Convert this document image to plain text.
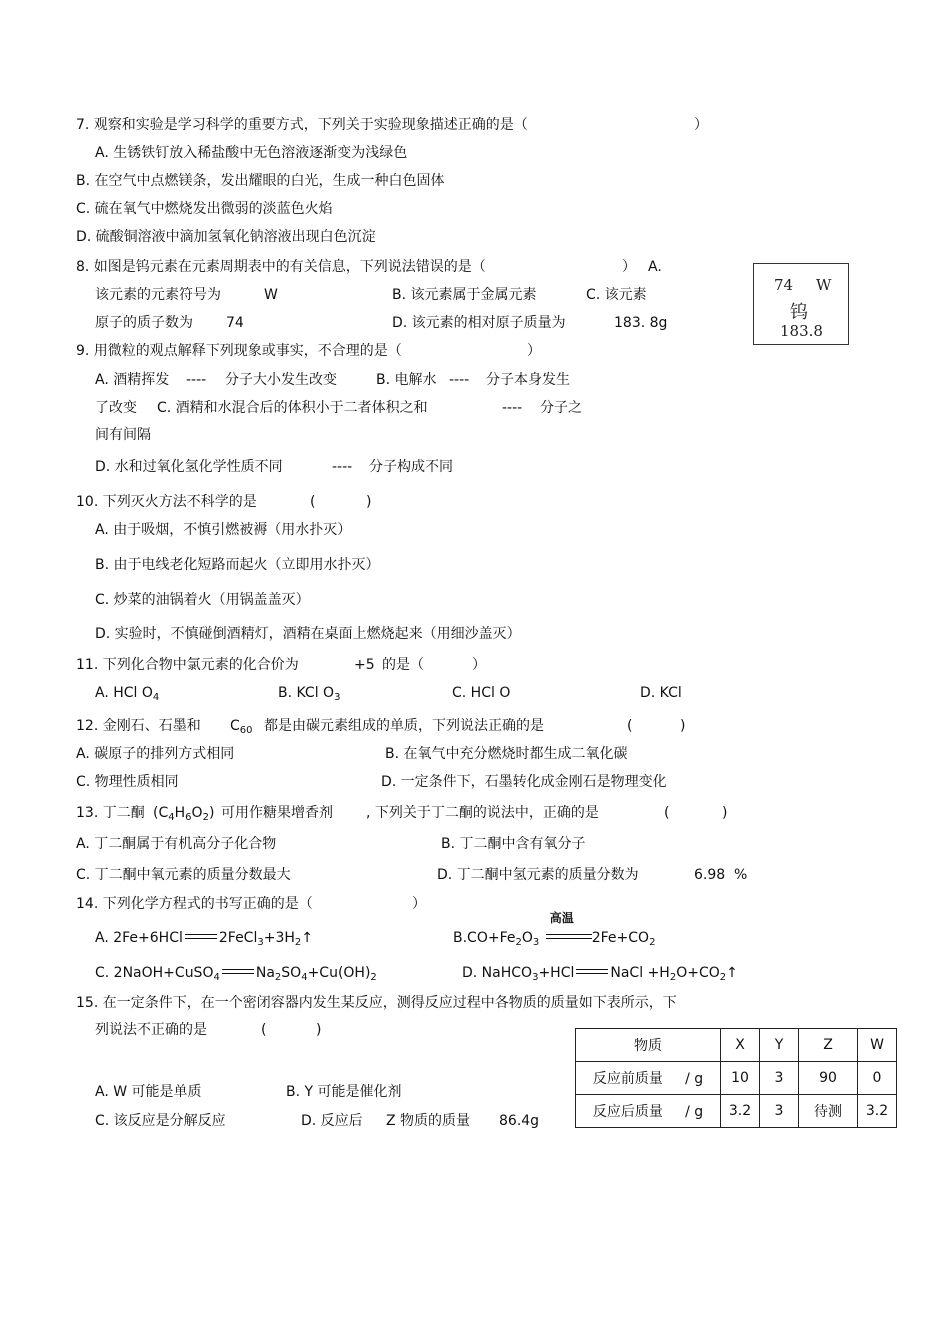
7. 观察和实验是学习科学的重要方式，下列关于实验现象描述正确的是（	）
A. 生锈铁钉放入稀盐酸中无色溶液逐渐变为浅绿色
B. 在空气中点燃镁条，发出耀眼的白光，生成一种白色固体
C. 硫在氧气中燃烧发出微弱的淡蓝色火焰
D. 硫酸铜溶液中滴加氢氧化钠溶液出现白色沉淀
8. 如图是钨元素在元素周期表中的有关信息，下列说法错误的是（	） A.
该元素的元素符号为	W	B. 该元素属于金属元素	C. 该元素
原子的质子数为 74	D. 该元素的相对原子质量为	183. 8g
74 W
钨
183.8
9. 用微粒的观点解释下列现象或事实，不合理的是（	）
A. 酒精挥发 ---- 分子大小发生改变	B. 电解水 ---- 分子本身发生
了改变 C. 酒精和水混合后的体积小于二者体积之和	---- 分子之
间有间隔
D. 水和过氧化氢化学性质不同	---- 分子构成不同
10. 下列灭火方法不科学的是	(	)
A. 由于吸烟，不慎引燃被褥（用水扑灭）
B. 由于电线老化短路而起火（立即用水扑灭）
C. 炒菜的油锅着火（用锅盖盖灭）
D. 实验时，不慎碰倒酒精灯，酒精在桌面上燃烧起来（用细沙盖灭）
11. 下列化合物中氯元素的化合价为	+5 的是（	）
A. HCl $O_4$	B. KCl $O_3$	C. HCl O	D. KCl
12. 金刚石、石墨和 $C_{60}$ 都是由碳元素组成的单质，下列说法正确的是	(	)
A. 碳原子的排列方式相同	B. 在氧气中充分燃烧时都生成二氧化碳
C. 物理性质相同	D. 一定条件下，石墨转化成金刚石是物理变化
13. 丁二酮 $(C_4H_6O_2)$ 可用作糖果增香剂 , 下列关于丁二酮的说法中，正确的是	(	)
A. 丁二酮属于有机高分子化合物	B. 丁二酮中含有氧分子
C. 丁二酮中氧元素的质量分数最大	D. 丁二酮中氢元素的质量分数为	6.98 %
14. 下列化学方程式的书写正确的是（	）
A. 2Fe+6HCl	$2FeCl_3+3H_2↑$	$B.CO+Fe_2O_3$
高温
$2Fe+CO_2$
C. 2NaOH+CuSO$_4$	$Na_2SO_4+Cu(OH)_2$	D. NaHCO$_3$+HCl	NaCl $+H_2O+CO_2↑$
15. 在一定条件下，在一个密闭容器内发生某反应，测得反应过程中各物质的质量如下表所示，下
列说法不正确的是	(	)
A. W 可能是单质	B. Y 可能是催化剂
C. 该反应是分解反应	D. 反应后 Z 物质的质量 86.4g
物质	X	Y	Z	W
反应前质量 / g	10	3	90	0
反应后质量 / g	3.2	3	待测	3.2
